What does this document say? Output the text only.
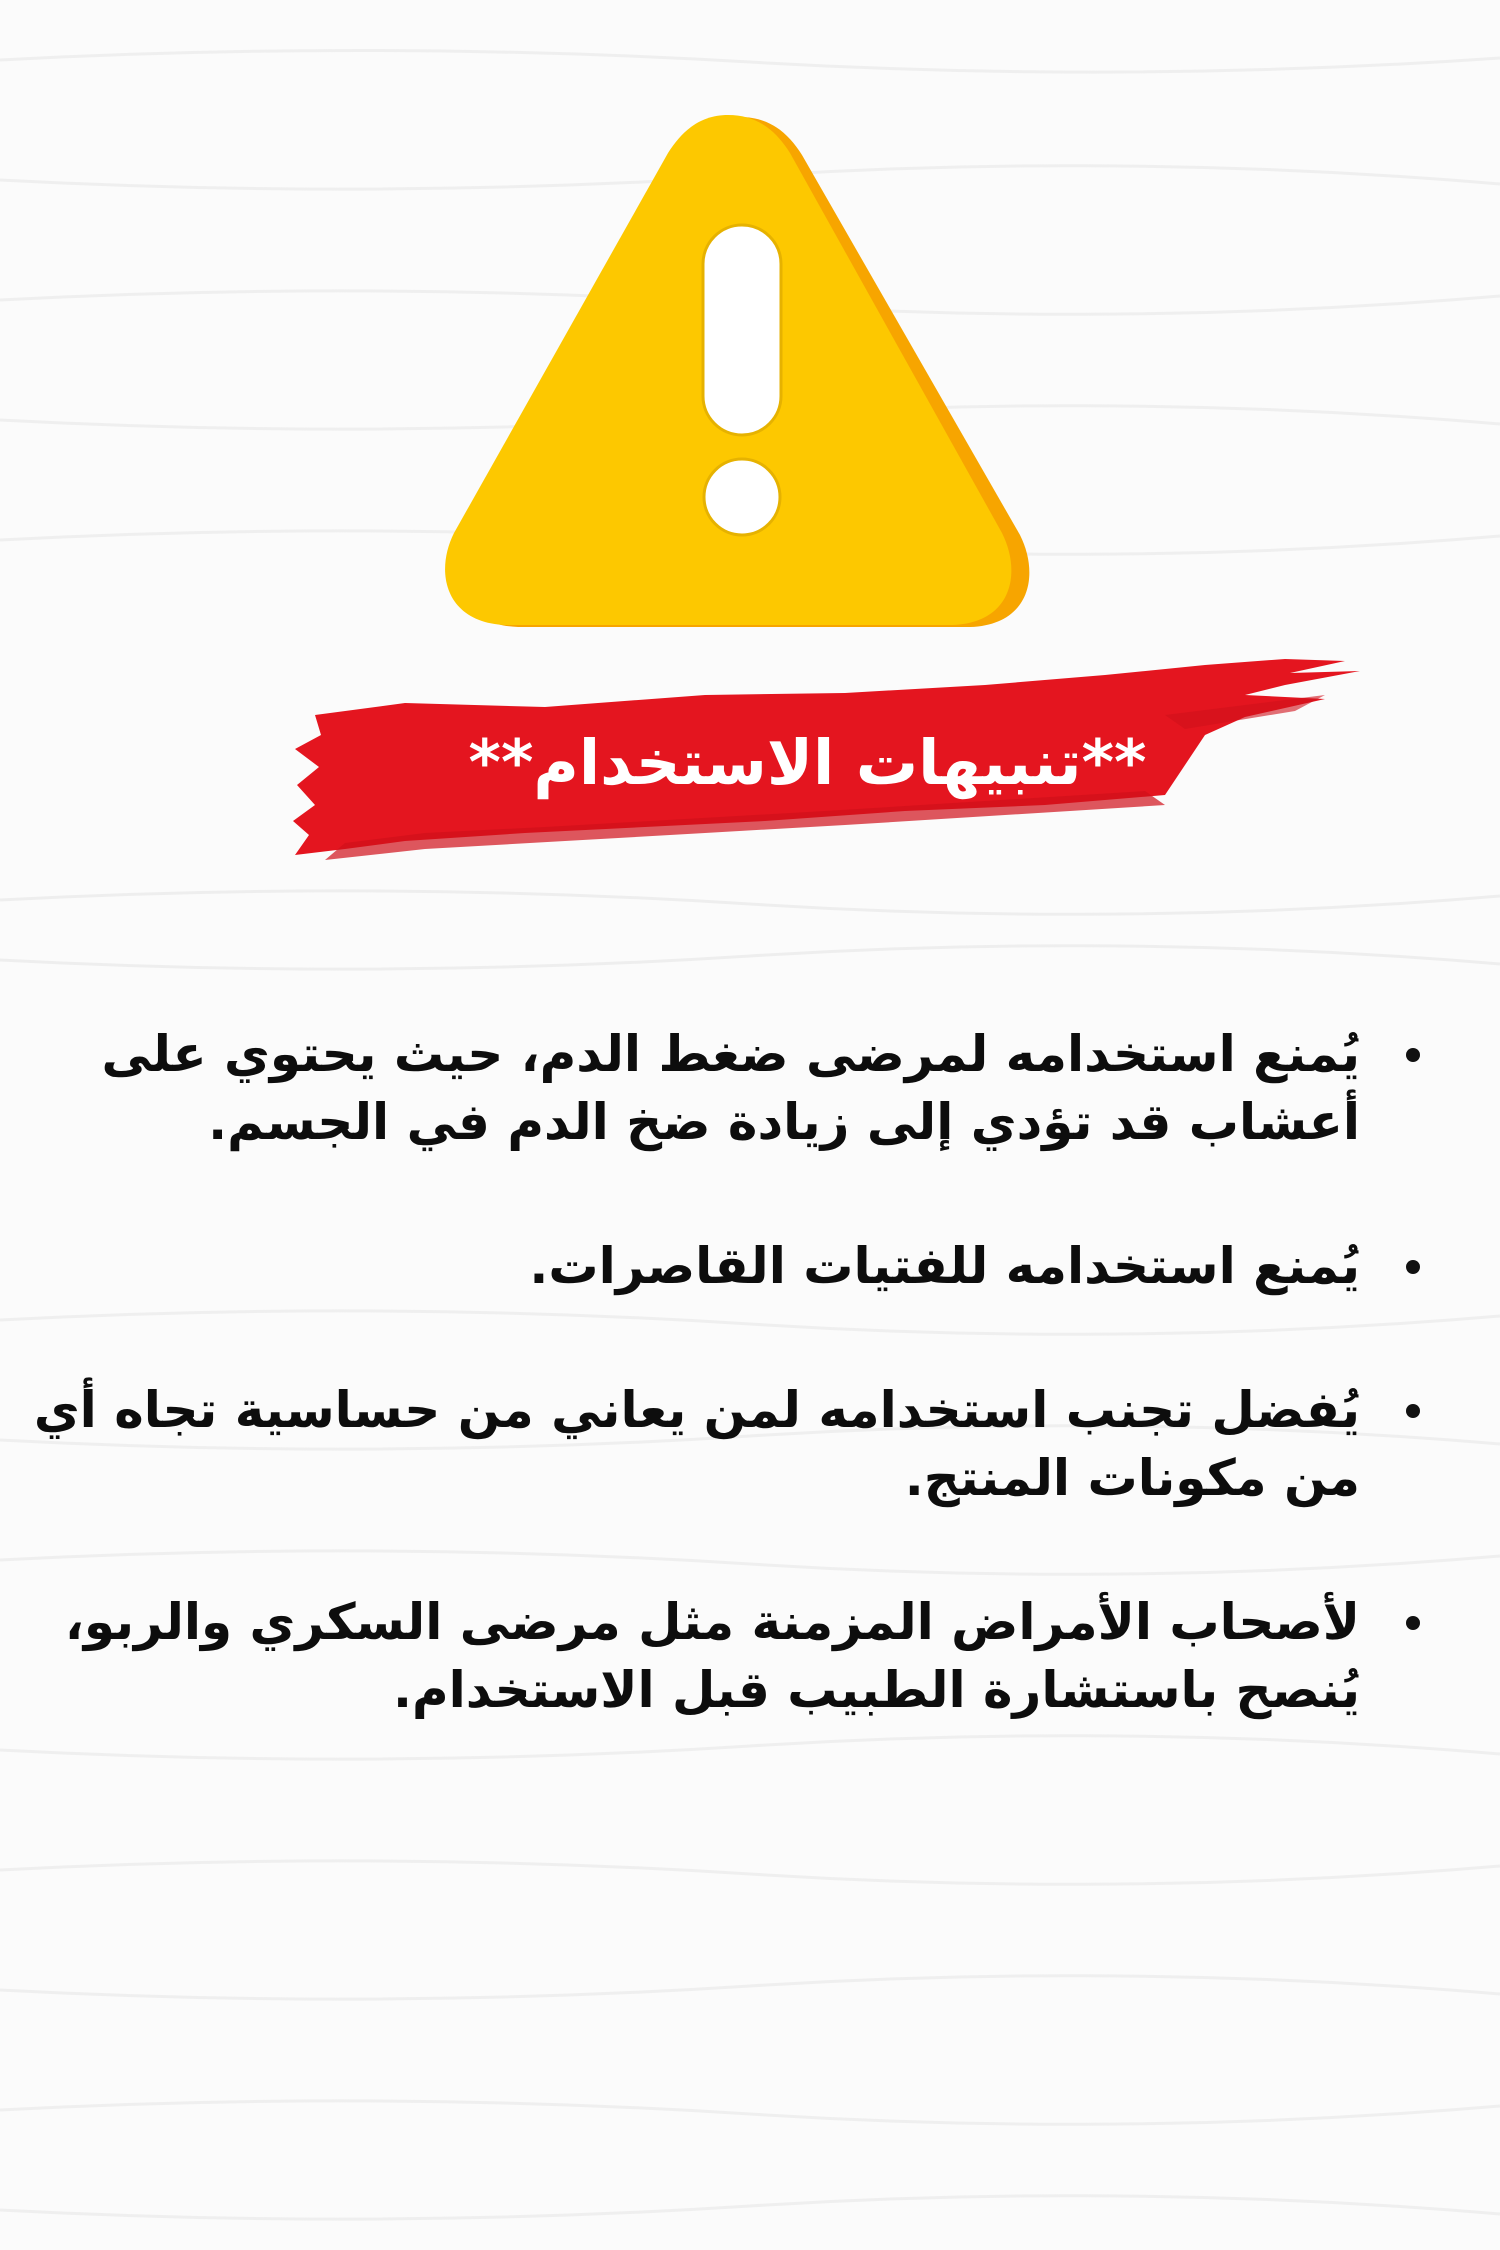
**تنبيهات الاستخدام**
يُمنع استخدامه لمرضى ضغط الدم، حيث يحتوي على أعشاب قد تؤدي إلى زيادة ضخ الدم في الجسم.
يُمنع استخدامه للفتيات القاصرات.
يُفضل تجنب استخدامه لمن يعاني من حساسية تجاه أي من مكونات المنتج.
لأصحاب الأمراض المزمنة مثل مرضى السكري والربو، يُنصح باستشارة الطبيب قبل الاستخدام.
